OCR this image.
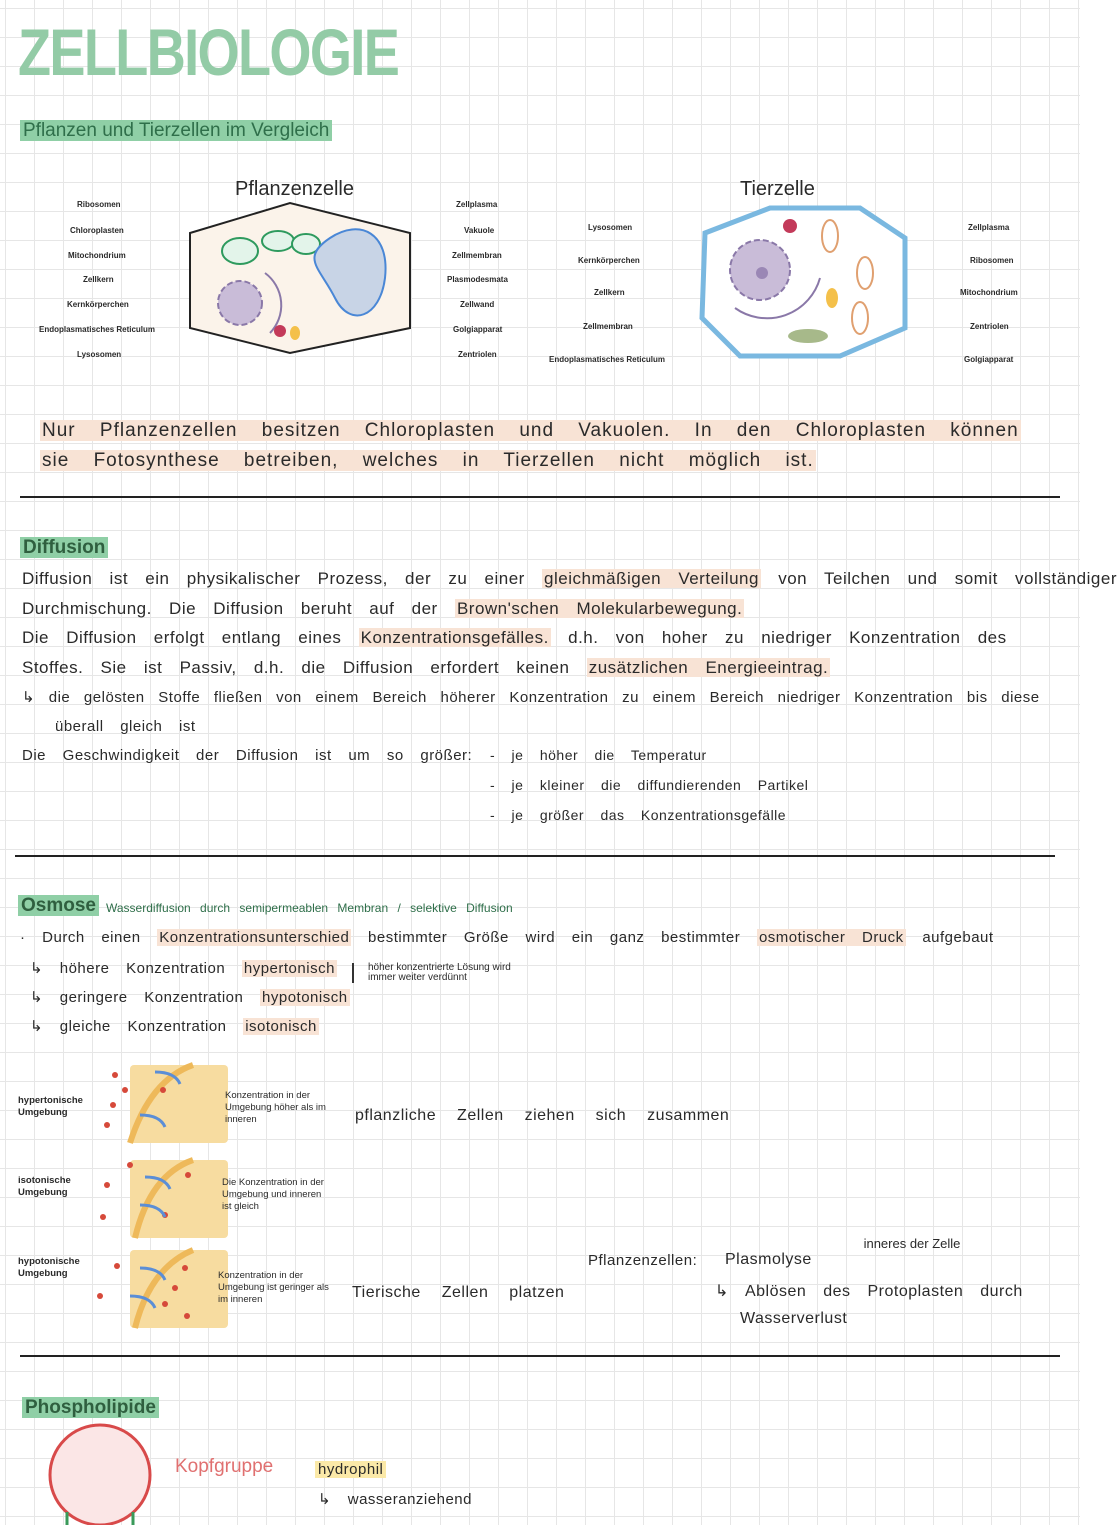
ZELLBIOLOGIE
Pflanzen und Tierzellen im Vergleich
Pflanzenzelle
Ribosomen
Chloroplasten
Mitochondrium
Zellkern
Kernkörperchen
Endoplasmatisches Reticulum
Lysosomen
Zellplasma
Vakuole
Zellmembran
Plasmodesmata
Zellwand
Golgiapparat
Zentriolen
Tierzelle
Lysosomen
Kernkörperchen
Zellkern
Zellmembran
Endoplasmatisches Reticulum
Zellplasma
Ribosomen
Mitochondrium
Zentriolen
Golgiapparat
Nur Pflanzenzellen besitzen Chloroplasten und Vakuolen. In den Chloroplasten können
sie Fotosynthese betreiben, welches in Tierzellen nicht möglich ist.
Diffusion
Diffusion ist ein physikalischer Prozess, der zu einer gleichmäßigen Verteilung von Teilchen und somit vollständiger
Durchmischung. Die Diffusion beruht auf der Brown'schen Molekularbewegung.
Die Diffusion erfolgt entlang eines Konzentrationsgefälles. d.h. von hoher zu niedriger Konzentration des
Stoffes. Sie ist Passiv, d.h. die Diffusion erfordert keinen zusätzlichen Energieeintrag.
↳ die gelösten Stoffe fließen von einem Bereich höherer Konzentration zu einem Bereich niedriger Konzentration bis diese
überall gleich ist
Die Geschwindigkeit der Diffusion ist um so größer: - je höher die Temperatur
- je kleiner die diffundierenden Partikel
- je größer das Konzentrationsgefälle
Osmose Wasserdiffusion durch semipermeablen Membran / selektive Diffusion
· Durch einen Konzentrationsunterschied bestimmter Größe wird ein ganz bestimmter osmotischer Druck aufgebaut
↳ höhere Konzentration hypertonisch
↳ geringere Konzentration hypotonisch
↳ gleiche Konzentration isotonisch
höher konzentrierte Lösung wird immer weiter verdünnt
hypertonische Umgebung
isotonische Umgebung
hypotonische Umgebung
Konzentration in der Umgebung höher als im inneren
Die Konzentration in der Umgebung und inneren ist gleich
Konzentration in der Umgebung ist geringer als im inneren
pflanzliche Zellen ziehen sich zusammen
Tierische Zellen platzen
inneres der Zelle
Pflanzenzellen: Plasmolyse
↳ Ablösen des Protoplasten durch
Wasserverlust
Phospholipide
Kopfgruppe	hydrophil
↳ wasseranziehend
